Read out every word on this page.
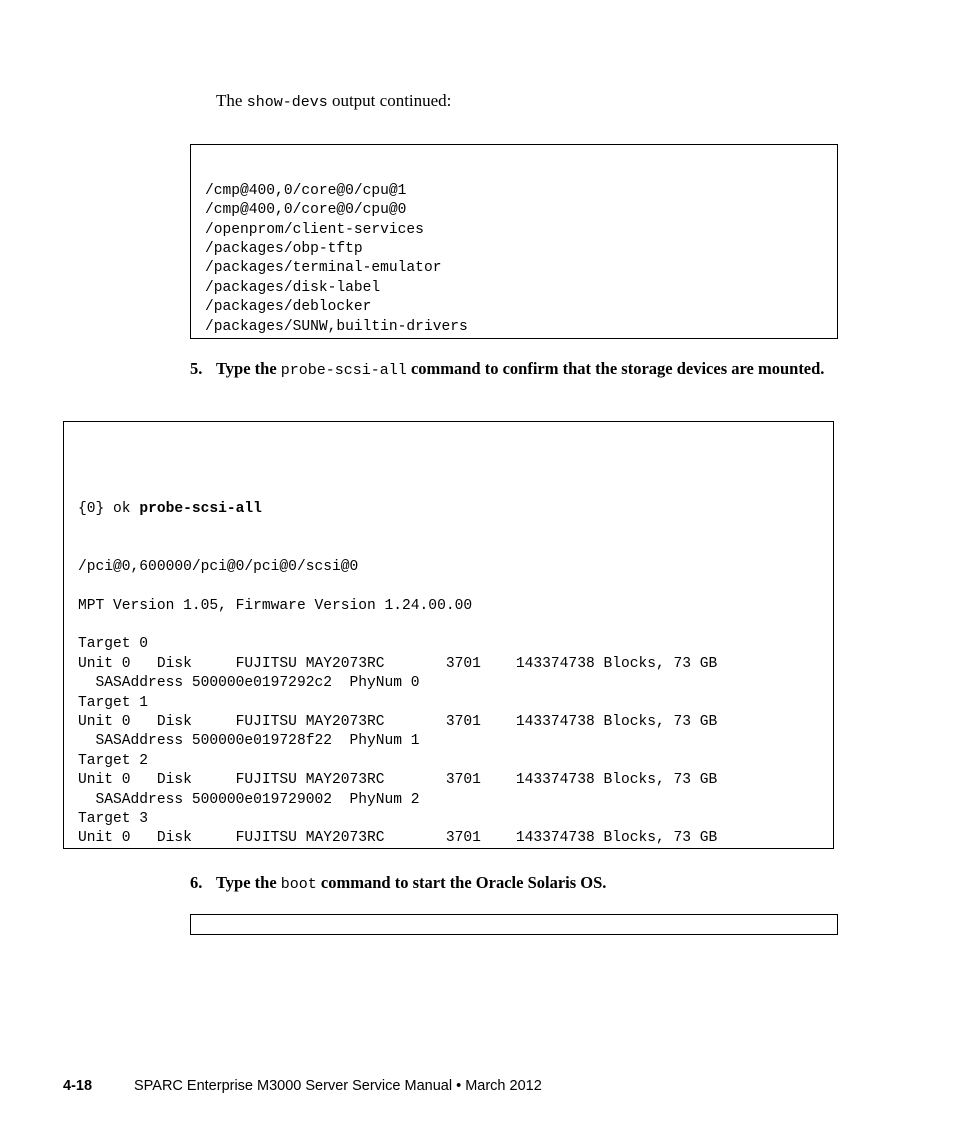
The show-devs output continued:

/cmp@400,0/core@0/cpu@1
/cmp@400,0/core@0/cpu@0
/openprom/client-services
/packages/obp-tftp
/packages/terminal-emulator
/packages/disk-label
/packages/deblocker
/packages/SUNW,builtin-drivers

5. Type the probe-scsi-all command to confirm that the storage devices are mounted.

{0} ok probe-scsi-all

/pci@0,600000/pci@0/pci@0/scsi@0
MPT Version 1.05, Firmware Version 1.24.00.00
Target 0
Unit 0   Disk     FUJITSU MAY2073RC       3701    143374738 Blocks, 73 GB
SASAddress 500000e0197292c2  PhyNum 0
Target 1
Unit 0   Disk     FUJITSU MAY2073RC       3701    143374738 Blocks, 73 GB
SASAddress 500000e019728f22  PhyNum 1
Target 2
Unit 0   Disk     FUJITSU MAY2073RC       3701    143374738 Blocks, 73 GB
SASAddress 500000e019729002  PhyNum 2
Target 3
Unit 0   Disk     FUJITSU MAY2073RC       3701    143374738 Blocks, 73 GB

6. Type the boot command to start the Oracle Solaris OS.

4-18	SPARC Enterprise M3000 Server Service Manual • March 2012
